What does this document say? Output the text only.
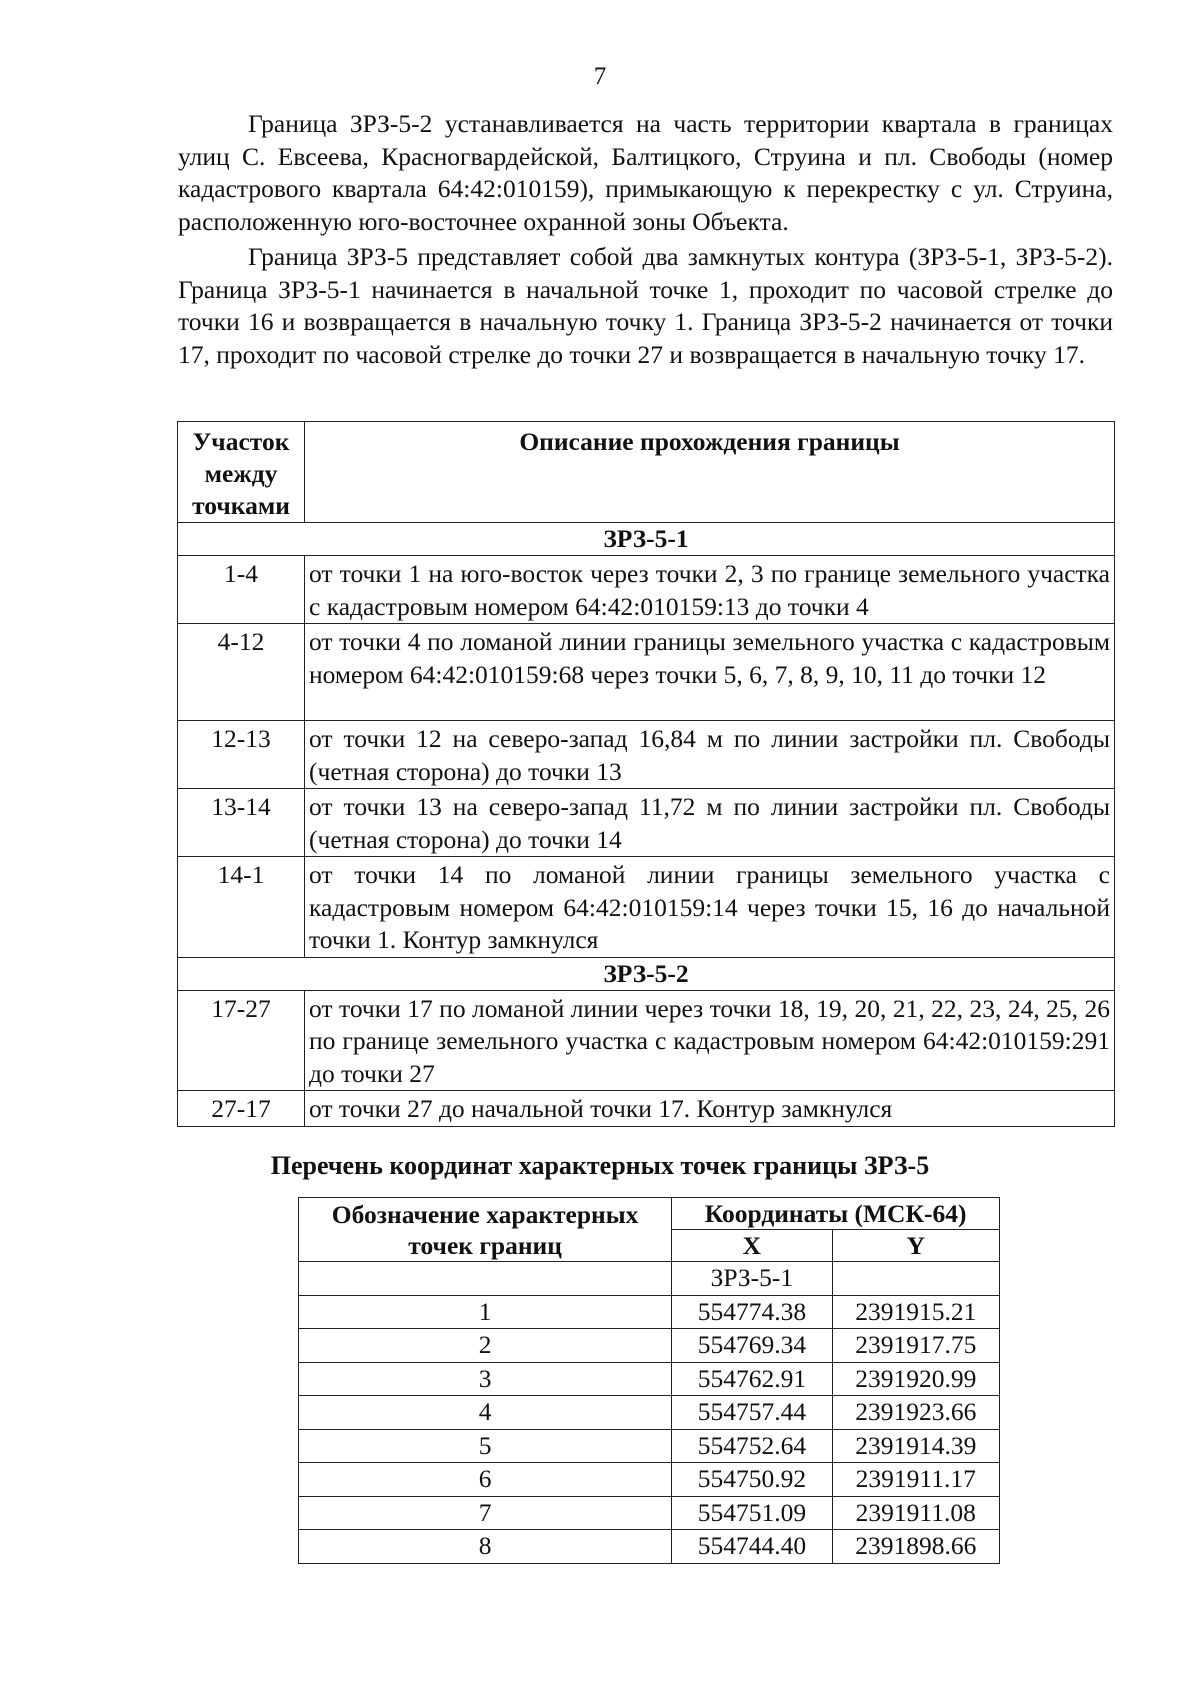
7

Граница ЗРЗ-5-2 устанавливается на часть территории квартала в границах улиц С. Евсеева, Красногвардейской, Балтицкого, Струина и пл. Свободы (номер кадастрового квартала 64:42:010159), примыкающую к перекрестку с ул. Струина, расположенную юго-восточнее охранной зоны Объекта.

Граница ЗРЗ-5 представляет собой два замкнутых контура (ЗРЗ-5-1, ЗРЗ-5-2). Граница ЗРЗ-5-1 начинается в начальной точке 1, проходит по часовой стрелке до точки 16 и возвращается в начальную точку 1. Граница ЗРЗ-5-2 начинается от точки 17, проходит по часовой стрелке до точки 27 и возвращается в начальную точку 17.

Участок между точками	Описание прохождения границы
ЗРЗ-5-1	
1-4	от точки 1 на юго-восток через точки 2, 3 по границе земельного участка с кадастровым номером 64:42:010159:13 до точки 4
4-12	от точки 4 по ломаной линии границы земельного участка с кадастровым номером 64:42:010159:68 через точки 5, 6, 7, 8, 9, 10, 11 до точки 12
12-13	от точки 12 на северо-запад 16,84 м по линии застройки пл. Свободы (четная сторона) до точки 13
13-14	от точки 13 на северо-запад 11,72 м по линии застройки пл. Свободы (четная сторона) до точки 14
14-1	от точки 14 по ломаной линии границы земельного участка с кадастровым номером 64:42:010159:14 через точки 15, 16 до начальной точки 1. Контур замкнулся
ЗРЗ-5-2	
17-27	от точки 17 по ломаной линии через точки 18, 19, 20, 21, 22, 23, 24, 25, 26 по границе земельного участка с кадастровым номером 64:42:010159:291 до точки 27
27-17	от точки 27 до начальной точки 17. Контур замкнулся
Перечень координат характерных точек границы ЗРЗ-5
Обозначение характерных точек границ	Координаты (МСК-64)	
	X	Y
	ЗРЗ-5-1	
1	554774.38	2391915.21
2	554769.34	2391917.75
3	554762.91	2391920.99
4	554757.44	2391923.66
5	554752.64	2391914.39
6	554750.92	2391911.17
7	554751.09	2391911.08
8	554744.40	2391898.66
